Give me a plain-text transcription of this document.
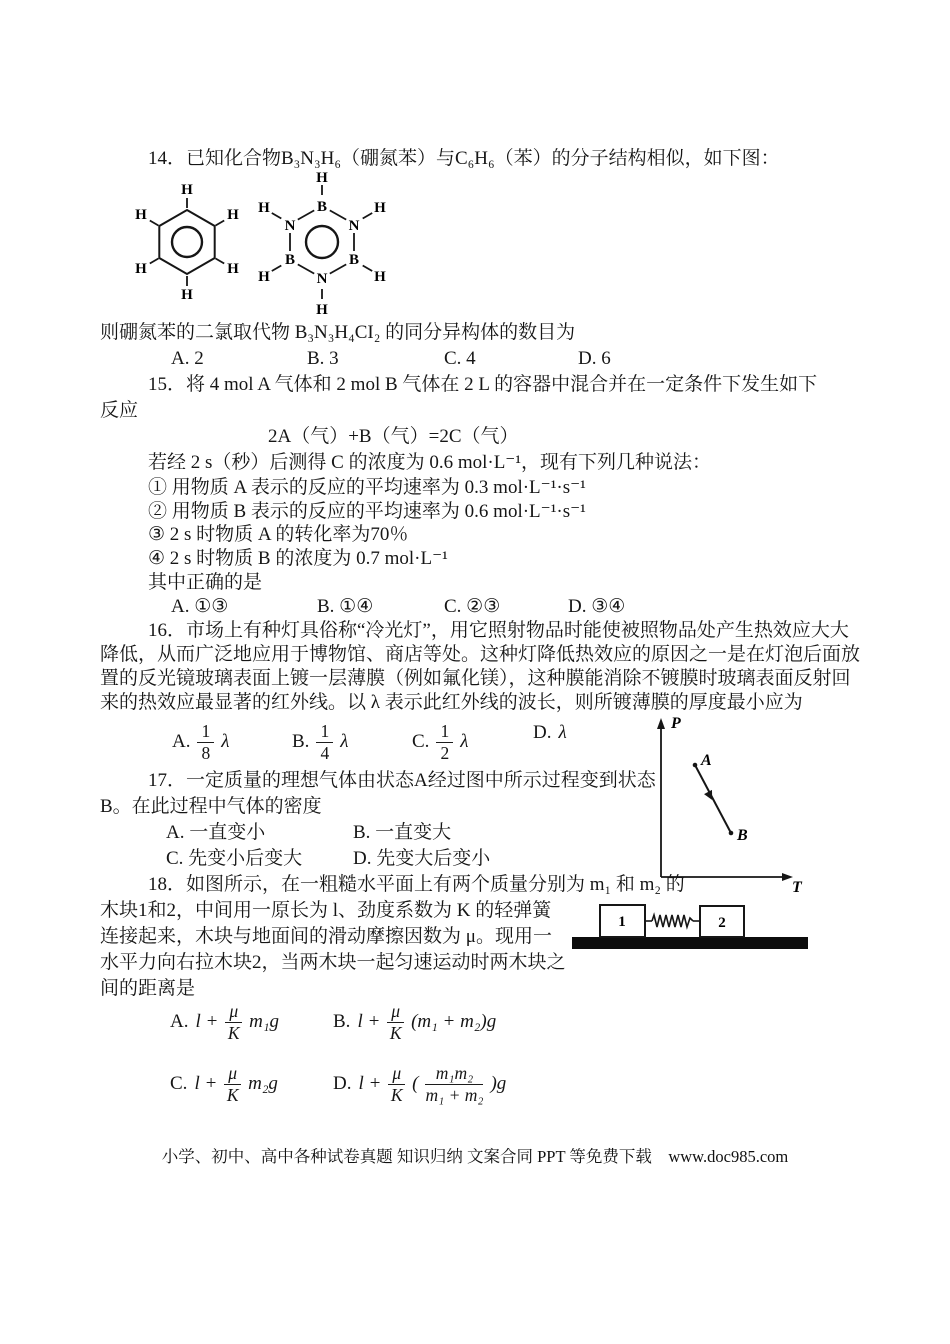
14．已知化合物B₃N₃H₆（硼氮苯）与C₆H₆（苯）的分子结构相似，如下图：
H
H
H
H
H
H
B
N
B
N
B
N
H
H
H
H
H
H
则硼氮苯的二氯取代物 B₃N₃H₄CI₂ 的同分异构体的数目为
A. 2	B. 3	C. 4	D. 6
15．将 4 mol A 气体和 2 mol B 气体在 2 L 的容器中混合并在一定条件下发生如下
反应
2A（气）+B（气）=2C（气）
若经 2 s（秒）后测得 C 的浓度为 0.6 mol·L⁻¹，现有下列几种说法：
① 用物质 A 表示的反应的平均速率为 0.3 mol·L⁻¹·s⁻¹
② 用物质 B 表示的反应的平均速率为 0.6 mol·L⁻¹·s⁻¹
③ 2 s 时物质 A 的转化率为70％
④ 2 s 时物质 B 的浓度为 0.7 mol·L⁻¹
其中正确的是
A. ①③	B. ①④	C. ②③	D. ③④
16．市场上有种灯具俗称“冷光灯”，用它照射物品时能使被照物品处产生热效应大大
降低，从而广泛地应用于博物馆、商店等处。这种灯降低热效应的原因之一是在灯泡后面放
置的反光镜玻璃表面上镀一层薄膜（例如氟化镁），这种膜能消除不镀膜时玻璃表面反射回
来的热效应最显著的红外线。以 λ 表示此红外线的波长，则所镀薄膜的厚度最小应为
A. $\frac{1}{8}$ λ	B. $\frac{1}{4}$ λ	C. $\frac{1}{2}$ λ	D. λ
17．一定质量的理想气体由状态A经过图中所示过程变到状态
B。在此过程中气体的密度
A. 一直变小	B. 一直变大
C. 先变小后变大	D. 先变大后变小
P
T
A
B
18．如图所示，在一粗糙水平面上有两个质量分别为 m₁ 和 m₂ 的
木块1和2，中间用一原长为 l、劲度系数为 K 的轻弹簧
连接起来，木块与地面间的滑动摩擦因数为 μ。现用一
水平力向右拉木块2，当两木块一起匀速运动时两木块之
间的距离是
1	2
A. $l + \frac{\mu}{K} m_1g$	B. $l + \frac{\mu}{K} (m_1 + m_2)g$
C. $l + \frac{\mu}{K} m_2g$	D. $l + \frac{\mu}{K}$ ( $\frac{\text{m₁m₂}}{\text{m₁ + m₂}} )g$
小学、初中、高中各种试卷真题 知识归纳 文案合同 PPT 等免费下载　www.doc985.com
